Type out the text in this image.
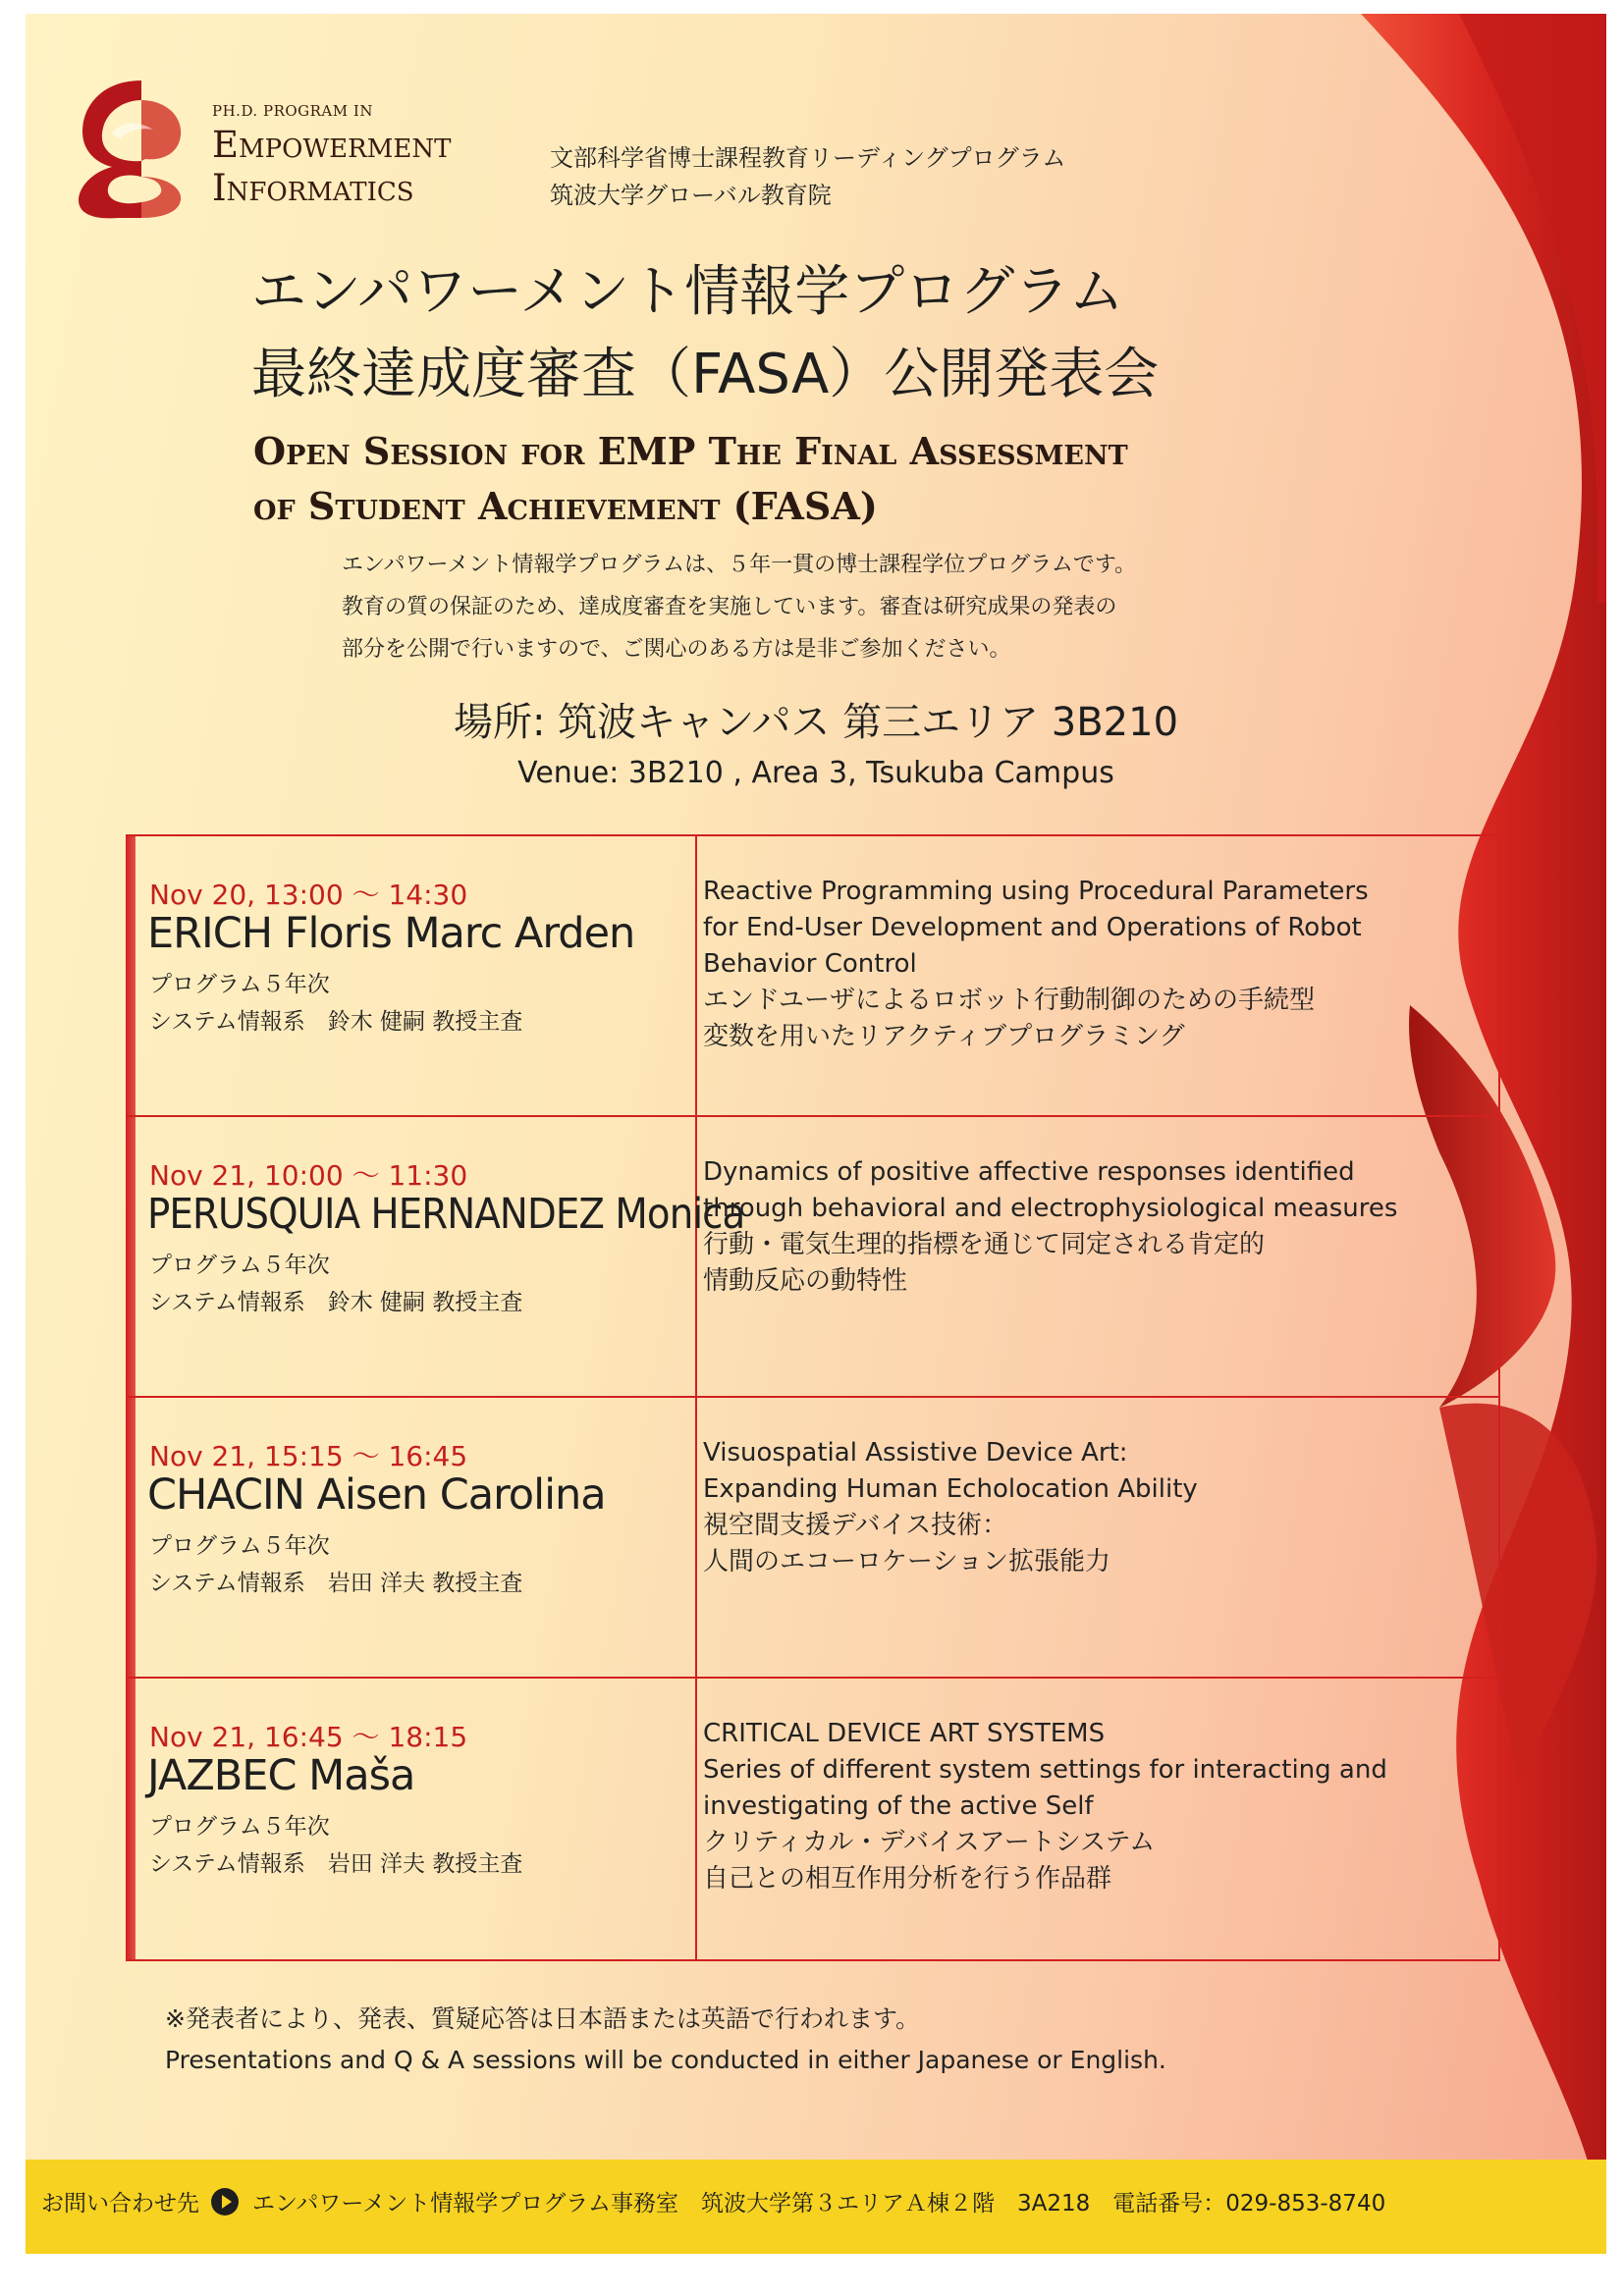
PH.D. PROGRAM IN
Empowerment
Informatics
文部科学省博士課程教育リーディングプログラム
筑波大学グローバル教育院
エンパワーメント情報学プログラム
最終達成度審査（FASA）公開発表会
Open Session for EMP The Final Assessment
of Student Achievement (FASA)
エンパワーメント情報学プログラムは、５年一貫の博士課程学位プログラムです。
教育の質の保証のため、達成度審査を実施しています。審査は研究成果の発表の
部分を公開で行いますので、ご関心のある方は是非ご参加ください。
場所: 筑波キャンパス 第三エリア 3B210
Venue: 3B210 , Area 3, Tsukuba Campus
Nov 20, 13:00 ～ 14:30
ERICH Floris Marc Arden
プログラム５年次
システム情報系　鈴木 健嗣 教授主査
Reactive Programming using Procedural Parameters
for End-User Development and Operations of Robot
Behavior Control
エンドユーザによるロボット行動制御のための手続型
変数を用いたリアクティブプログラミング
Nov 21, 10:00 ～ 11:30
PERUSQUIA HERNANDEZ Monica
プログラム５年次
システム情報系　鈴木 健嗣 教授主査
Dynamics of positive affective responses identified
through behavioral and electrophysiological measures
行動・電気生理的指標を通じて同定される肯定的
情動反応の動特性
Nov 21, 15:15 ～ 16:45
CHACIN Aisen Carolina
プログラム５年次
システム情報系　岩田 洋夫 教授主査
Visuospatial Assistive Device Art:
Expanding Human Echolocation Ability
視空間支援デバイス技術：
人間のエコーロケーション拡張能力
Nov 21, 16:45 ～ 18:15
JAZBEC Maša
プログラム５年次
システム情報系　岩田 洋夫 教授主査
CRITICAL DEVICE ART SYSTEMS
Series of different system settings for interacting and
investigating of the active Self
クリティカル・デバイスアートシステム
自己との相互作用分析を行う作品群
※発表者により、発表、質疑応答は日本語または英語で行われます。
Presentations and Q & A sessions will be conducted in either Japanese or English.
お問い合わせ先 エンパワーメント情報学プログラム事務室　筑波大学第３エリアＡ棟２階　3A218　電話番号：029-853-8740
